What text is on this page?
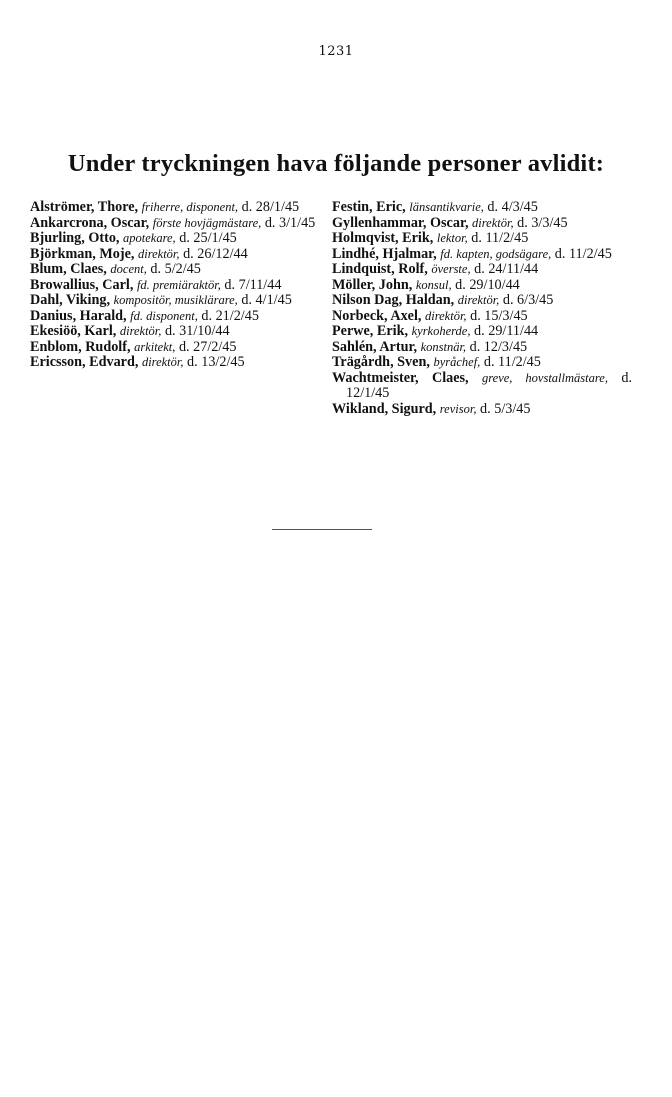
1231
Under tryckningen hava följande personer avlidit:
Alströmer, Thore, friherre, disponent, d. 28/1/45
Ankarcrona, Oscar, förste hovjägmästare, d. 3/1/45
Bjurling, Otto, apotekare, d. 25/1/45
Björkman, Moje, direktör, d. 26/12/44
Blum, Claes, docent, d. 5/2/45
Browallius, Carl, fd. premiäraktör, d. 7/11/44
Dahl, Viking, kompositör, musiklärare, d. 4/1/45
Danius, Harald, fd. disponent, d. 21/2/45
Ekesiöö, Karl, direktör, d. 31/10/44
Enblom, Rudolf, arkitekt, d. 27/2/45
Ericsson, Edvard, direktör, d. 13/2/45
Festin, Eric, länsantikvarie, d. 4/3/45
Gyllenhammar, Oscar, direktör, d. 3/3/45
Holmqvist, Erik, lektor, d. 11/2/45
Lindhé, Hjalmar, fd. kapten, godsägare, d. 11/2/45
Lindquist, Rolf, överste, d. 24/11/44
Möller, John, konsul, d. 29/10/44
Nilson Dag, Haldan, direktör, d. 6/3/45
Norbeck, Axel, direktör, d. 15/3/45
Perwe, Erik, kyrkoherde, d. 29/11/44
Sahlén, Artur, konstnär, d. 12/3/45
Trägårdh, Sven, byråchef, d. 11/2/45
Wachtmeister, Claes, greve, hovstallmästare, d. 12/1/45
Wikland, Sigurd, revisor, d. 5/3/45
